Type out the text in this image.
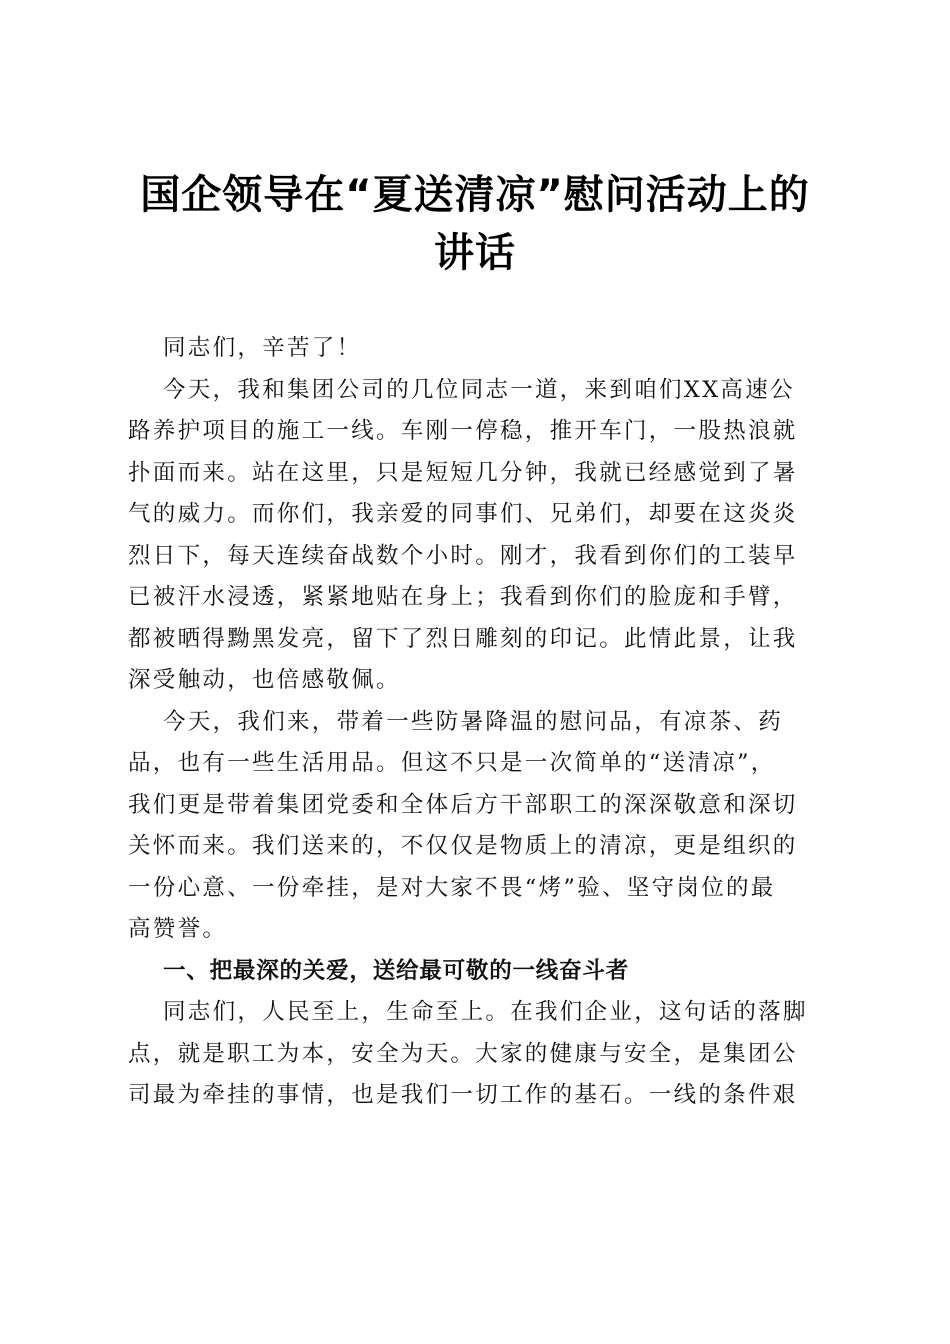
国企领导在“夏送清凉”慰问活动上的
讲话
同志们，辛苦了！
今天，我和集团公司的几位同志一道，来到咱们XX高速公
路养护项目的施工一线。车刚一停稳，推开车门，一股热浪就
扑面而来。站在这里，只是短短几分钟，我就已经感觉到了暑
气的威力。而你们，我亲爱的同事们、兄弟们，却要在这炎炎
烈日下，每天连续奋战数个小时。刚才，我看到你们的工装早
已被汗水浸透，紧紧地贴在身上；我看到你们的脸庞和手臂，
都被晒得黝黑发亮，留下了烈日雕刻的印记。此情此景，让我
深受触动，也倍感敬佩。
今天，我们来，带着一些防暑降温的慰问品，有凉茶、药
品，也有一些生活用品。但这不只是一次简单的“送清凉”，
我们更是带着集团党委和全体后方干部职工的深深敬意和深切
关怀而来。我们送来的，不仅仅是物质上的清凉，更是组织的
一份心意、一份牵挂，是对大家不畏“烤”验、坚守岗位的最
高赞誉。
一、把最深的关爱，送给最可敬的一线奋斗者
同志们，人民至上，生命至上。在我们企业，这句话的落脚
点，就是职工为本，安全为天。大家的健康与安全，是集团公
司最为牵挂的事情，也是我们一切工作的基石。一线的条件艰
